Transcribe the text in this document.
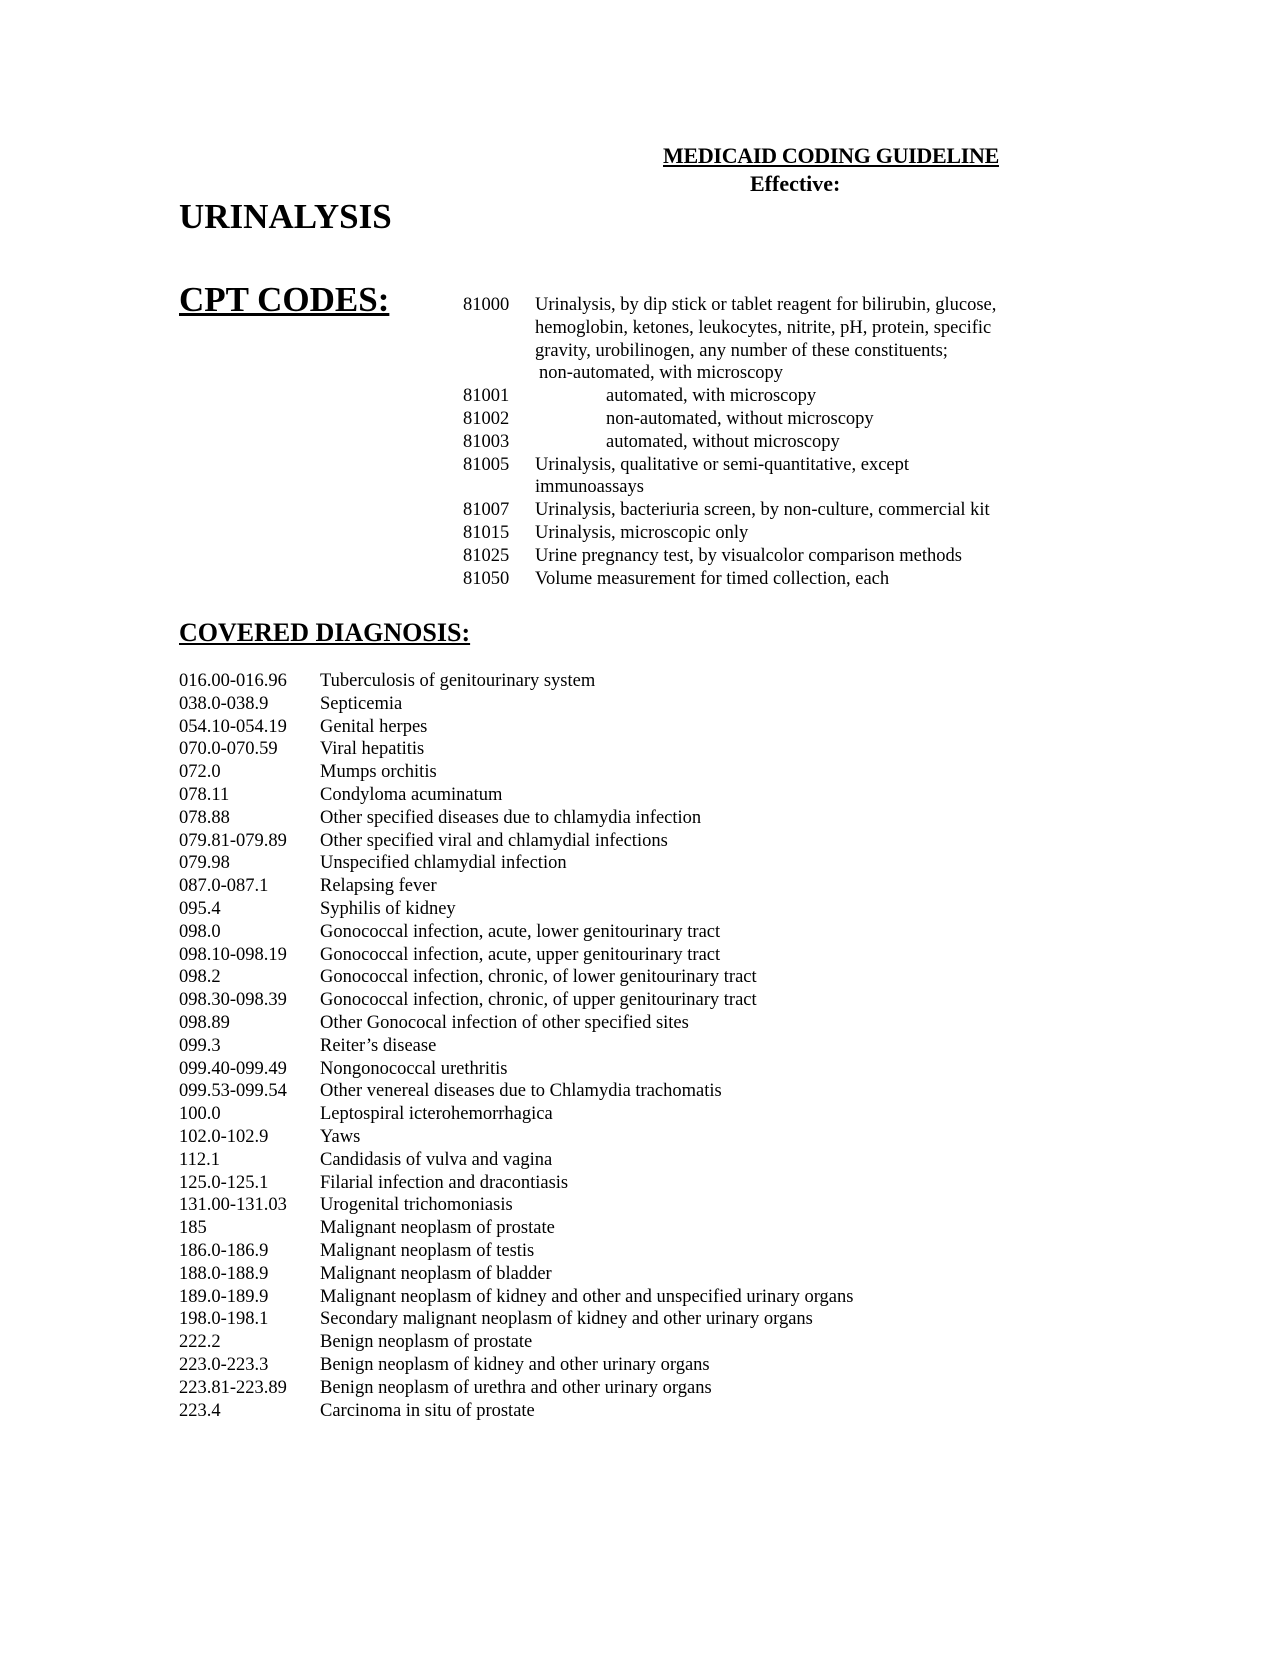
MEDICAID CODING GUIDELINE
Effective:
URINALYSIS
CPT CODES:	81000	Urinalysis, by dip stick or tablet reagent for bilirubin, glucose,
hemoglobin, ketones, leukocytes, nitrite, pH, protein, specific
gravity, urobilinogen, any number of these constituents;
non-automated, with microscopy
81001	automated, with microscopy
81002	non-automated, without microscopy
81003	automated, without microscopy
81005	Urinalysis, qualitative or semi-quantitative, except
immunoassays
81007	Urinalysis, bacteriuria screen, by non-culture, commercial kit
81015	Urinalysis, microscopic only
81025	Urine pregnancy test, by visualcolor comparison methods
81050	Volume measurement for timed collection, each
COVERED DIAGNOSIS:
016.00-016.96	Tuberculosis of genitourinary system
038.0-038.9	Septicemia
054.10-054.19	Genital herpes
070.0-070.59	Viral hepatitis
072.0	Mumps orchitis
078.11	Condyloma acuminatum
078.88	Other specified diseases due to chlamydia infection
079.81-079.89	Other specified viral and chlamydial infections
079.98	Unspecified chlamydial infection
087.0-087.1	Relapsing fever
095.4	Syphilis of kidney
098.0	Gonococcal infection, acute, lower genitourinary tract
098.10-098.19	Gonococcal infection, acute, upper genitourinary tract
098.2	Gonococcal infection, chronic, of lower genitourinary tract
098.30-098.39	Gonococcal infection, chronic, of upper genitourinary tract
098.89	Other Gonococal infection of other specified sites
099.3	Reiter’s disease
099.40-099.49	Nongonococcal urethritis
099.53-099.54	Other venereal diseases due to Chlamydia trachomatis
100.0	Leptospiral icterohemorrhagica
102.0-102.9	Yaws
112.1	Candidasis of vulva and vagina
125.0-125.1	Filarial infection and dracontiasis
131.00-131.03	Urogenital trichomoniasis
185	Malignant neoplasm of prostate
186.0-186.9	Malignant neoplasm of testis
188.0-188.9	Malignant neoplasm of bladder
189.0-189.9	Malignant neoplasm of kidney and other and unspecified urinary organs
198.0-198.1	Secondary malignant neoplasm of kidney and other urinary organs
222.2	Benign neoplasm of prostate
223.0-223.3	Benign neoplasm of kidney and other urinary organs
223.81-223.89	Benign neoplasm of urethra and other urinary organs
223.4	Carcinoma in situ of prostate
